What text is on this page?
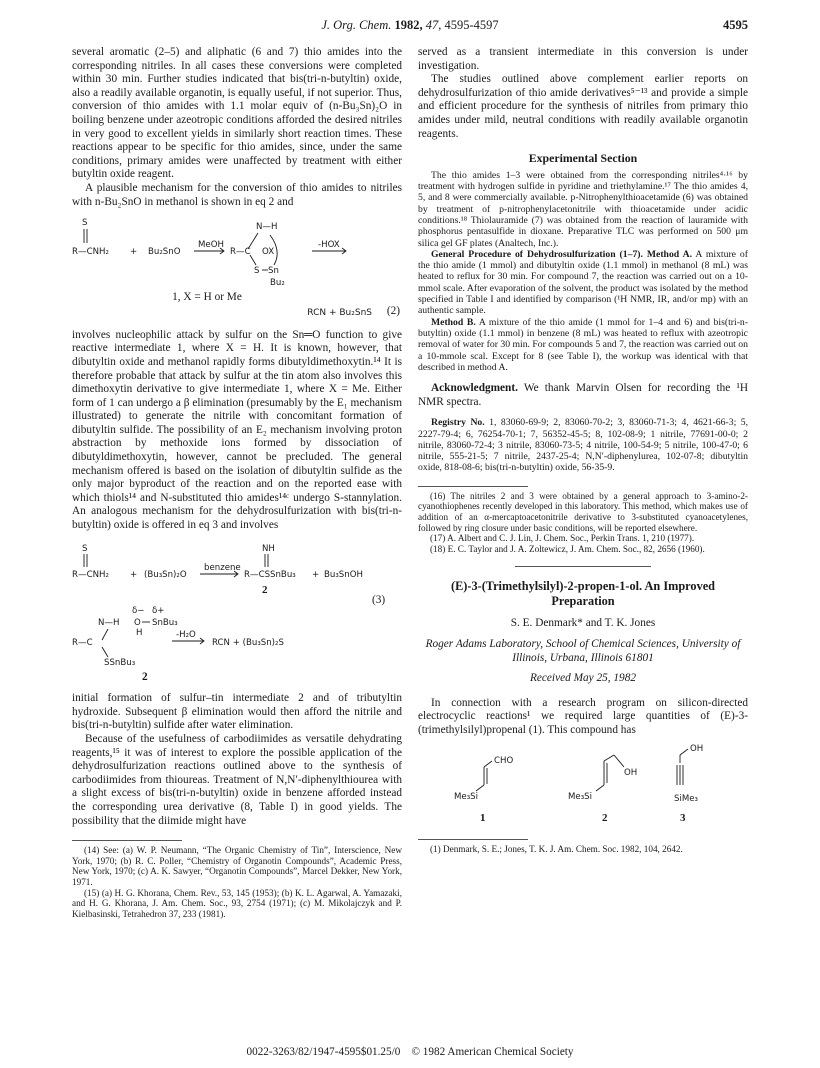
J. Org. Chem. 1982, 47, 4595-4597	4595

several aromatic (2–5) and aliphatic (6 and 7) thio amides into the corresponding nitriles. In all cases these conversions were completed within 30 min. Further studies indicated that bis(tri-n-butyltin) oxide, also a readily available organotin, is equally useful, if not superior. Thus, conversion of thio amides with 1.1 molar equiv of (n-Bu₃Sn)₂O in boiling benzene under azeotropic conditions afforded the desired nitriles in very good to excellent yields in similarly short reaction times. These reactions appear to be specific for thio amides, since, under the same conditions, primary amides were unaffected by treatment with either butyltin oxide reagent.

A plausible mechanism for the conversion of thio amides to nitriles with n-Bu₂SnO in methanol is shown in eq 2 and

S
R—CNH₂ + Bu₂SnO
MeOH
N—H
R—C OX
S Sn
Bu₂
-HOX
1, X = H or Me
RCN + Bu₂SnS (2)

involves nucleophilic attack by sulfur on the Sn═O function to give reactive intermediate 1, where X = H. It is known, however, that dibutyltin oxide and methanol rapidly forms dibutyldimethoxytin.¹⁴ It is therefore probable that attack by sulfur at the tin atom also involves this dimethoxytin derivative to give intermediate 1, where X = Me. Either form of 1 can undergo a β elimination (presumably by the E₁ mechanism illustrated) to generate the nitrile with concomitant formation of dibutyltin sulfide. The possibility of an E₂ mechanism involving proton abstraction by methoxide ions formed by dissociation of dibutyldimethoxytin, however, cannot be precluded. The general mechanism offered is based on the isolation of dibutyltin sulfide as the only major byproduct of the reaction and on the reported ease with which thiols¹⁴ and N-substituted thio amides¹⁴ᶜ undergo S-stannylation. An analogous mechanism for the dehydrosulfurization with bis(tri-n-butyltin) oxide is offered in eq 3 and involves

S
R—CNH₂ + (Bu₃Sn)₂O
benzene
NH
R—CSSnBu₃ + Bu₃SnOH
2
(3)
δ− δ+
N—H O SnBu₃
H
R—C
SSnBu₃
-H₂O
RCN + (Bu₃Sn)₂S
2

initial formation of sulfur–tin intermediate 2 and of tributyltin hydroxide. Subsequent β elimination would then afford the nitrile and bis(tri-n-butyltin) sulfide after water elimination.

Because of the usefulness of carbodiimides as versatile dehydrating reagents,¹⁵ it was of interest to explore the possible application of the dehydrosulfurization reactions outlined above to the synthesis of carbodiimides from thioureas. Treatment of N,N′-diphenylthiourea with a slight excess of bis(tri-n-butyltin) oxide in benzene afforded instead the corresponding urea derivative (8, Table I) in good yields. The possibility that the diimide might have

(14) See: (a) W. P. Neumann, “The Organic Chemistry of Tin”, Interscience, New York, 1970; (b) R. C. Poller, “Chemistry of Organotin Compounds”, Academic Press, New York, 1970; (c) A. K. Sawyer, “Organotin Compounds”, Marcel Dekker, New York, 1971.

(15) (a) H. G. Khorana, Chem. Rev., 53, 145 (1953); (b) K. L. Agarwal, A. Yamazaki, and H. G. Khorana, J. Am. Chem. Soc., 93, 2754 (1971); (c) M. Mikolajczyk and P. Kielbasinski, Tetrahedron 37, 233 (1981).

served as a transient intermediate in this conversion is under investigation.

The studies outlined above complement earlier reports on dehydrosulfurization of thio amide derivatives⁵⁻¹³ and provide a simple and efficient procedure for the synthesis of nitriles from primary thio amides under mild, neutral conditions with readily available organotin reagents.

Experimental Section

The thio amides 1–3 were obtained from the corresponding nitriles⁴·¹⁶ by treatment with hydrogen sulfide in pyridine and triethylamine.¹⁷ The thio amides 4, 5, and 8 were commercially available. p-Nitrophenylthioacetamide (6) was obtained by treatment of p-nitrophenylacetonitrile with thioacetamide under acidic conditions.¹⁸ Thiolauramide (7) was obtained from the reaction of lauramide with phosphorus pentasulfide in dioxane. Preparative TLC was performed on 500 μm silica gel GF plates (Analtech, Inc.).

General Procedure of Dehydrosulfurization (1–7). Method A. A mixture of the thio amide (1 mmol) and dibutyltin oxide (1.1 mmol) in methanol (8 mL) was heated to reflux for 30 min. For compound 7, the reaction was carried out on a 10-mmol scale. After evaporation of the solvent, the product was isolated by the method specified in Table I and identified by comparison (¹H NMR, IR, and/or mp) with an authentic sample.

Method B. A mixture of the thio amide (1 mmol for 1–4 and 6) and bis(tri-n-butyltin) oxide (1.1 mmol) in benzene (8 mL) was heated to reflux with azeotropic removal of water for 30 min. For compounds 5 and 7, the reaction was carried out on a 10-mmole scal. Except for 8 (see Table I), the workup was identical with that described in method A.

Acknowledgment. We thank Marvin Olsen for recording the ¹H NMR spectra.

Registry No. 1, 83060-69-9; 2, 83060-70-2; 3, 83060-71-3; 4, 4621-66-3; 5, 2227-79-4; 6, 76254-70-1; 7, 56352-45-5; 8, 102-08-9; 1 nitrile, 77691-00-0; 2 nitrile, 83060-72-4; 3 nitrile, 83060-73-5; 4 nitrile, 100-54-9; 5 nitrile, 100-47-0; 6 nitrile, 555-21-5; 7 nitrile, 2437-25-4; N,N′-diphenylurea, 102-07-8; dibutyltin oxide, 818-08-6; bis(tri-n-butyltin) oxide, 56-35-9.

(16) The nitriles 2 and 3 were obtained by a general approach to 3-amino-2-cyanothiophenes recently developed in this laboratory. This method, which makes use of addition of an α-mercaptoacetonitrile derivative to 3-substituted cyanoacetylenes, followed by ring closure under basic conditions, will be reported elsewhere.

(17) A. Albert and C. J. Lin, J. Chem. Soc., Perkin Trans. 1, 210 (1977).

(18) E. C. Taylor and J. A. Zoltewicz, J. Am. Chem. Soc., 82, 2656 (1960).

(E)-3-(Trimethylsilyl)-2-propen-1-ol. An Improved Preparation
S. E. Denmark* and T. K. Jones
Roger Adams Laboratory, School of Chemical Sciences, University of Illinois, Urbana, Illinois 61801
Received May 25, 1982

In connection with a research program on silicon-directed electrocyclic reactions¹ we required large quantities of (E)-3-(trimethylsilyl)propenal (1). This compound has

CHO
Me₃Si
1
OH
Me₃Si
2
OH
SiMe₃
3

(1) Denmark, S. E.; Jones, T. K. J. Am. Chem. Soc. 1982, 104, 2642.

0022-3263/82/1947-4595$01.25/0 © 1982 American Chemical Society
